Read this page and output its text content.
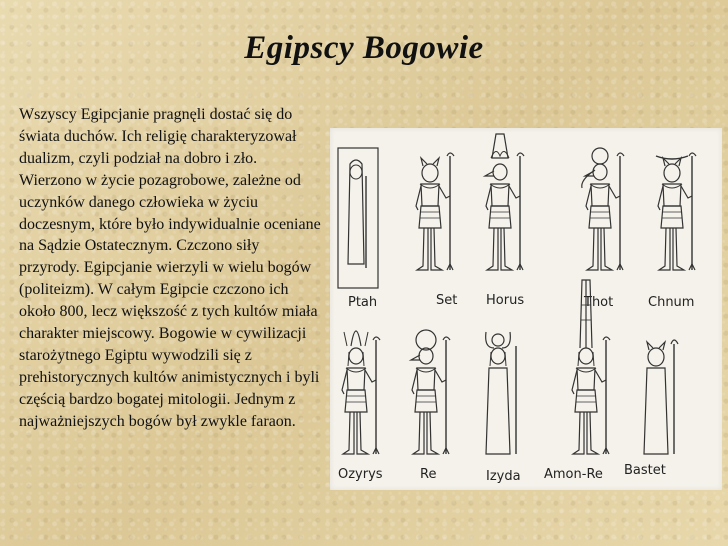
Egipscy Bogowie

Wszyscy Egipcjanie pragnęli dostać się do świata duchów. Ich religię charakteryzował dualizm, czyli podział na dobro i zło. Wierzono w życie pozagrobowe, zależne od uczynków danego człowieka w życiu doczesnym, które było indywidualnie oceniane na Sądzie Ostatecznym. Czczono siły przyrody. Egipcjanie wierzyli w wielu bogów (politeizm). W całym Egipcie czczono ich około 800, lecz większość z tych kultów miała charakter miejscowy. Bogowie w cywilizacji starożytnego Egiptu wywodzili się z prehistorycznych kultów animistycznych i byli częścią bardzo bogatej mitologii. Jednym z najważniejszych bogów był zwykle faraon.

Ptah	Set Horus	Thot	Chnum
Ozyrys	Re	Izyda Amon-Re Bastet
